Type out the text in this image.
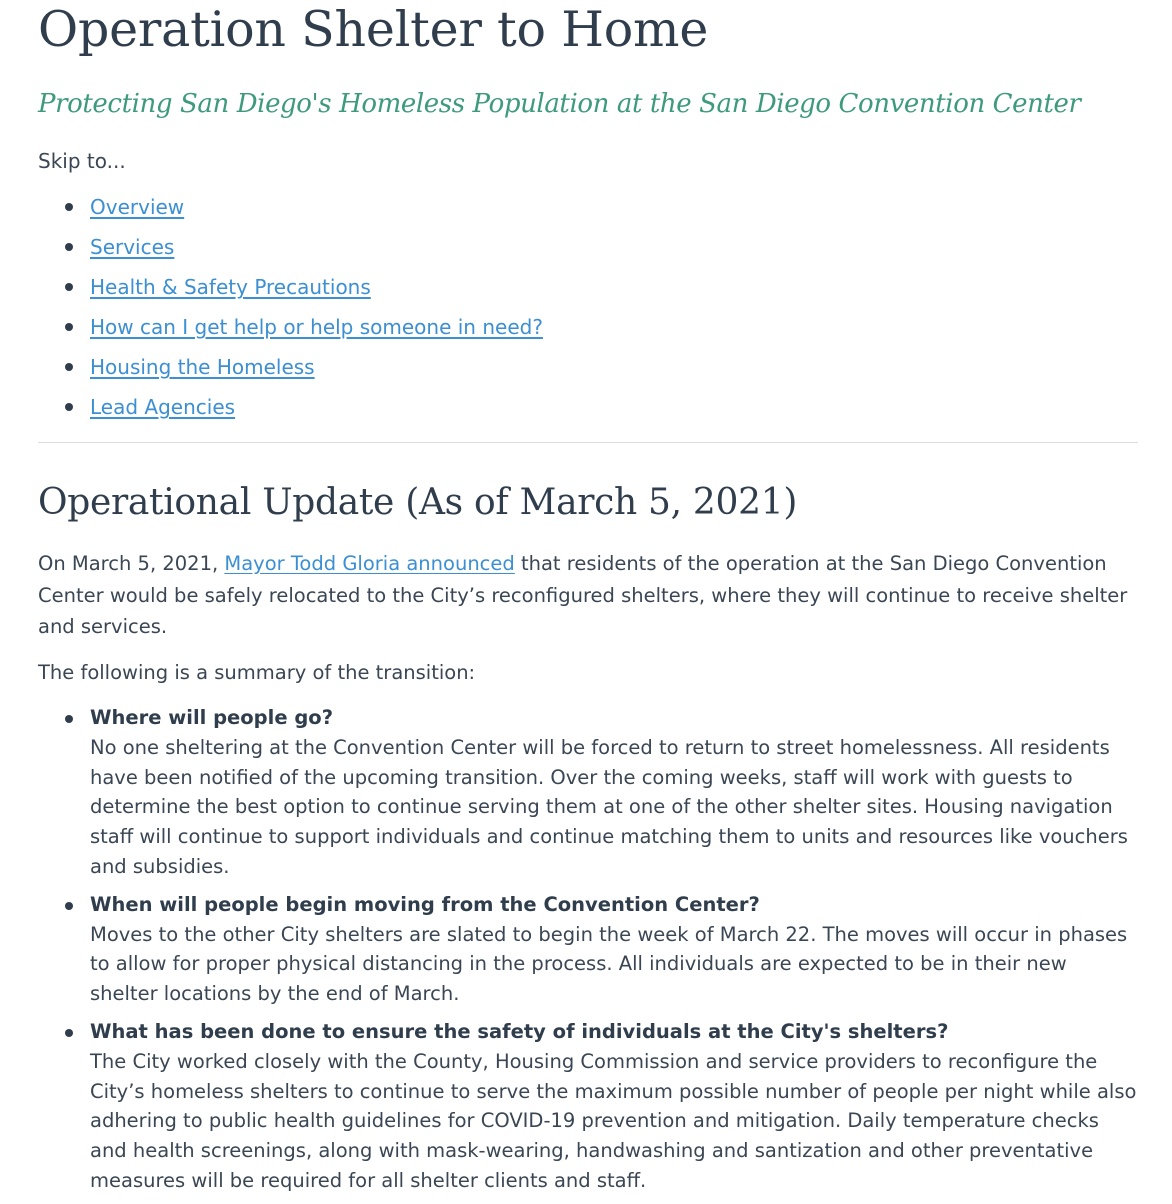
Operation Shelter to Home
Protecting San Diego's Homeless Population at the San Diego Convention Center
Skip to...
Overview
Services
Health & Safety Precautions
How can I get help or help someone in need?
Housing the Homeless
Lead Agencies
Operational Update (As of March 5, 2021)

On March 5, 2021, Mayor Todd Gloria announced that residents of the operation at the San Diego Convention Center would be safely relocated to the City’s reconfigured shelters, where they will continue to receive shelter and services.

The following is a summary of the transition:

Where will people go?
No one sheltering at the Convention Center will be forced to return to street homelessness. All residents have been notified of the upcoming transition. Over the coming weeks, staff will work with guests to determine the best option to continue serving them at one of the other shelter sites. Housing navigation staff will continue to support individuals and continue matching them to units and resources like vouchers and subsidies.
When will people begin moving from the Convention Center?
Moves to the other City shelters are slated to begin the week of March 22. The moves will occur in phases to allow for proper physical distancing in the process. All individuals are expected to be in their new shelter locations by the end of March.
What has been done to ensure the safety of individuals at the City's shelters?
The City worked closely with the County, Housing Commission and service providers to reconfigure the City’s homeless shelters to continue to serve the maximum possible number of people per night while also adhering to public health guidelines for COVID-19 prevention and mitigation. Daily temperature checks and health screenings, along with mask-wearing, handwashing and santization and other preventative measures will be required for all shelter clients and staff.
